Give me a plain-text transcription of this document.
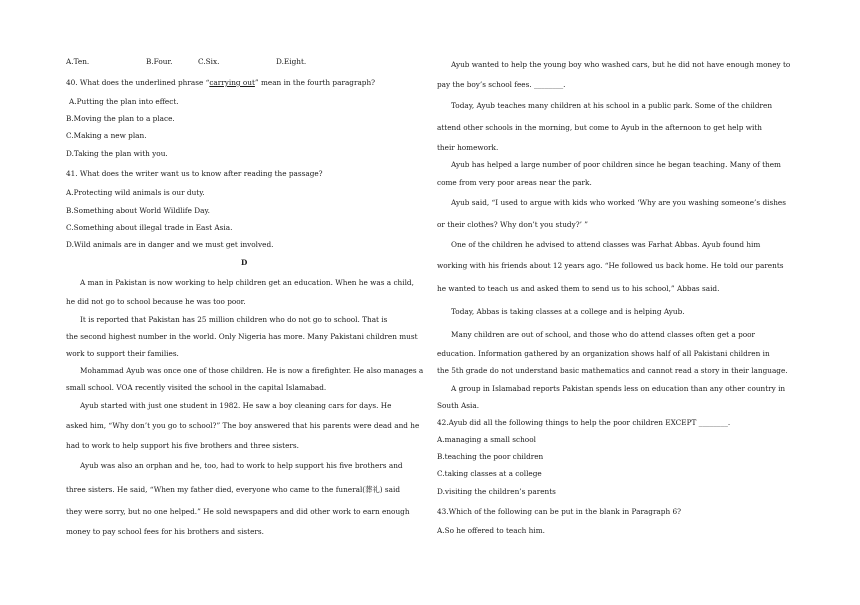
A.Ten.	B.Four.	C.Six.	D.Eight.
40. What does the underlined phrase “carrying out” mean in the fourth paragraph?
A.Putting the plan into effect.
B.Moving the plan to a place.
C.Making a new plan.
D.Taking the plan with you.
41. What does the writer want us to know after reading the passage?
A.Protecting wild animals is our duty.
B.Something about World Wildlife Day.
C.Something about illegal trade in East Asia.
D.Wild animals are in danger and we must get involved.
D
A man in Pakistan is now working to help children get an education. When he was a child,
he did not go to school because he was too poor.
It is reported that Pakistan has 25 million children who do not go to school. That is
the second highest number in the world. Only Nigeria has more. Many Pakistani children must
work to support their families.
Mohammad Ayub was once one of those children. He is now a firefighter. He also manages a
small school. VOA recently visited the school in the capital Islamabad.
Ayub started with just one student in 1982. He saw a boy cleaning cars for days. He
asked him, “Why don’t you go to school?” The boy answered that his parents were dead and he
had to work to help support his five brothers and three sisters.
Ayub was also an orphan and he, too, had to work to help support his five brothers and
three sisters. He said, “When my father died, everyone who came to the funeral(葬礼) said
they were sorry, but no one helped.” He sold newspapers and did other work to earn enough
money to pay school fees for his brothers and sisters.
Ayub wanted to help the young boy who washed cars, but he did not have enough money to
pay the boy’s school fees. ________.
Today, Ayub teaches many children at his school in a public park. Some of the children
attend other schools in the morning, but come to Ayub in the afternoon to get help with
their homework.
Ayub has helped a large number of poor children since he began teaching. Many of them
come from very poor areas near the park.
Ayub said, “I used to argue with kids who worked ‘Why are you washing someone’s dishes
or their clothes? Why don’t you study?’ ”
One of the children he advised to attend classes was Farhat Abbas. Ayub found him
working with his friends about 12 years ago. “He followed us back home. He told our parents
he wanted to teach us and asked them to send us to his school,” Abbas said.
Today, Abbas is taking classes at a college and is helping Ayub.
Many children are out of school, and those who do attend classes often get a poor
education. Information gathered by an organization shows half of all Pakistani children in
the 5th grade do not understand basic mathematics and cannot read a story in their language.
A group in Islamabad reports Pakistan spends less on education than any other country in
South Asia.
42.Ayub did all the following things to help the poor children EXCEPT ________.
A.managing a small school
B.teaching the poor children
C.taking classes at a college
D.visiting the children’s parents
43.Which of the following can be put in the blank in Paragraph 6?
A.So he offered to teach him.
